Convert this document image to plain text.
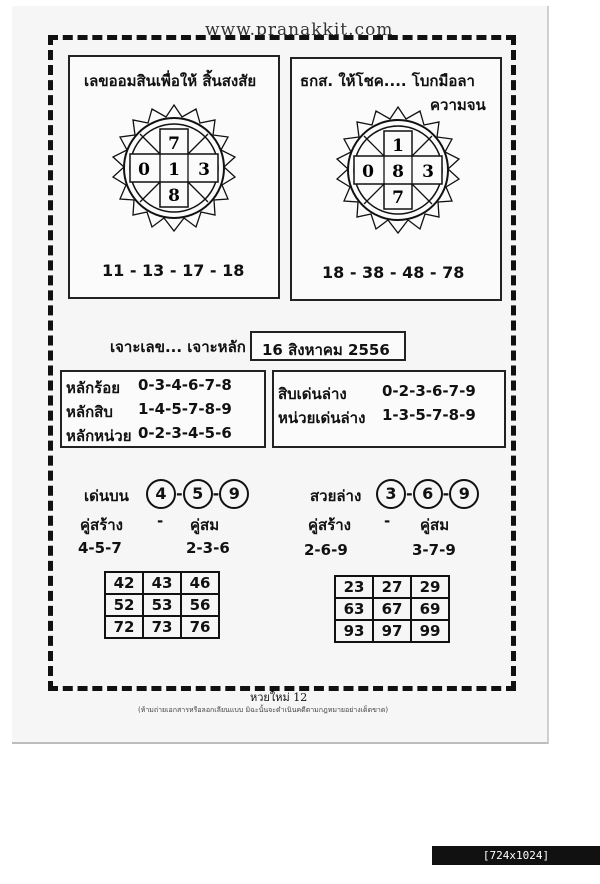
www.pranakkit.com
เลขออมสินเพื่อให้ สิ้นสงสัย
7
0 1 3
8
11 - 13 - 17 - 18
ธกส. ให้โชค.... โบกมือลา
ความจน
1
0 8 3
7
18 - 38 - 48 - 78
เจาะเลข... เจาะหลัก 16 สิงหาคม 2556
หลักร้อย 0-3-4-6-7-8
หลักสิบ 1-4-5-7-8-9
หลักหน่วย 0-2-3-4-5-6
สิบเด่นล่าง 0-2-3-6-7-9
หน่วยเด่นล่าง 1-3-5-7-8-9
เด่นบน	4 - 5 - 9
คู่สร้าง - คู่สม
4-5-7	2-3-6
42	43	46
52	53	56
72	73	76
สวยล่าง	3 - 6 - 9
คู่สร้าง - คู่สม
2-6-9	3-7-9
23	27	29
63	67	69
93	97	99
หวยใหม่ 12
(ห้ามถ่ายเอกสารหรือลอกเลียนแบบ มิฉะนั้นจะดำเนินคดีตามกฎหมายอย่างเด็ดขาด)
[724x1024] https://upic.me/
